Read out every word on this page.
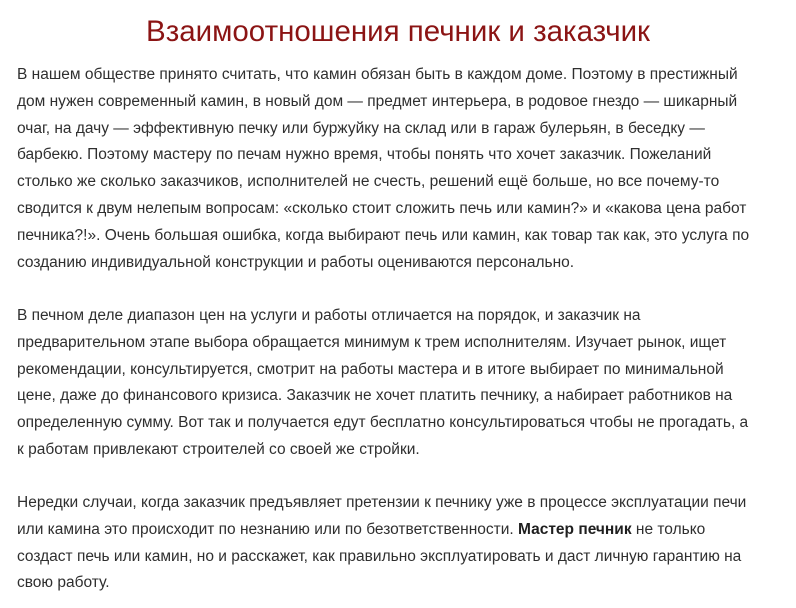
Взаимоотношения печник и заказчик

В нашем обществе принято считать, что камин обязан быть в каждом доме. Поэтому в престижный
дом нужен современный камин, в новый дом — предмет интерьера, в родовое гнездо — шикарный
очаг, на дачу — эффективную печку или буржуйку на склад или в гараж булерьян, в беседку —
барбекю. Поэтому мастеру по печам нужно время, чтобы понять что хочет заказчик. Пожеланий
столько же сколько заказчиков, исполнителей не счесть, решений ещё больше, но все почему-то
сводится к двум нелепым вопросам: «сколько стоит сложить печь или камин?» и «какова цена работ
печника?!». Очень большая ошибка, когда выбирают печь или камин, как товар так как, это услуга по
созданию индивидуальной конструкции и работы оцениваются персонально.

В печном деле диапазон цен на услуги и работы отличается на порядок, и заказчик на
предварительном этапе выбора обращается минимум к трем исполнителям. Изучает рынок, ищет
рекомендации, консультируется, смотрит на работы мастера и в итоге выбирает по минимальной
цене, даже до финансового кризиса. Заказчик не хочет платить печнику, а набирает работников на
определенную сумму. Вот так и получается едут бесплатно консультироваться чтобы не прогадать, а
к работам привлекают строителей со своей же стройки.

Нередки случаи, когда заказчик предъявляет претензии к печнику уже в процессе эксплуатации печи
или камина это происходит по незнанию или по безответственности. Мастер печник не только
создаст печь или камин, но и расскажет, как правильно эксплуатировать и даст личную гарантию на
свою работу.
